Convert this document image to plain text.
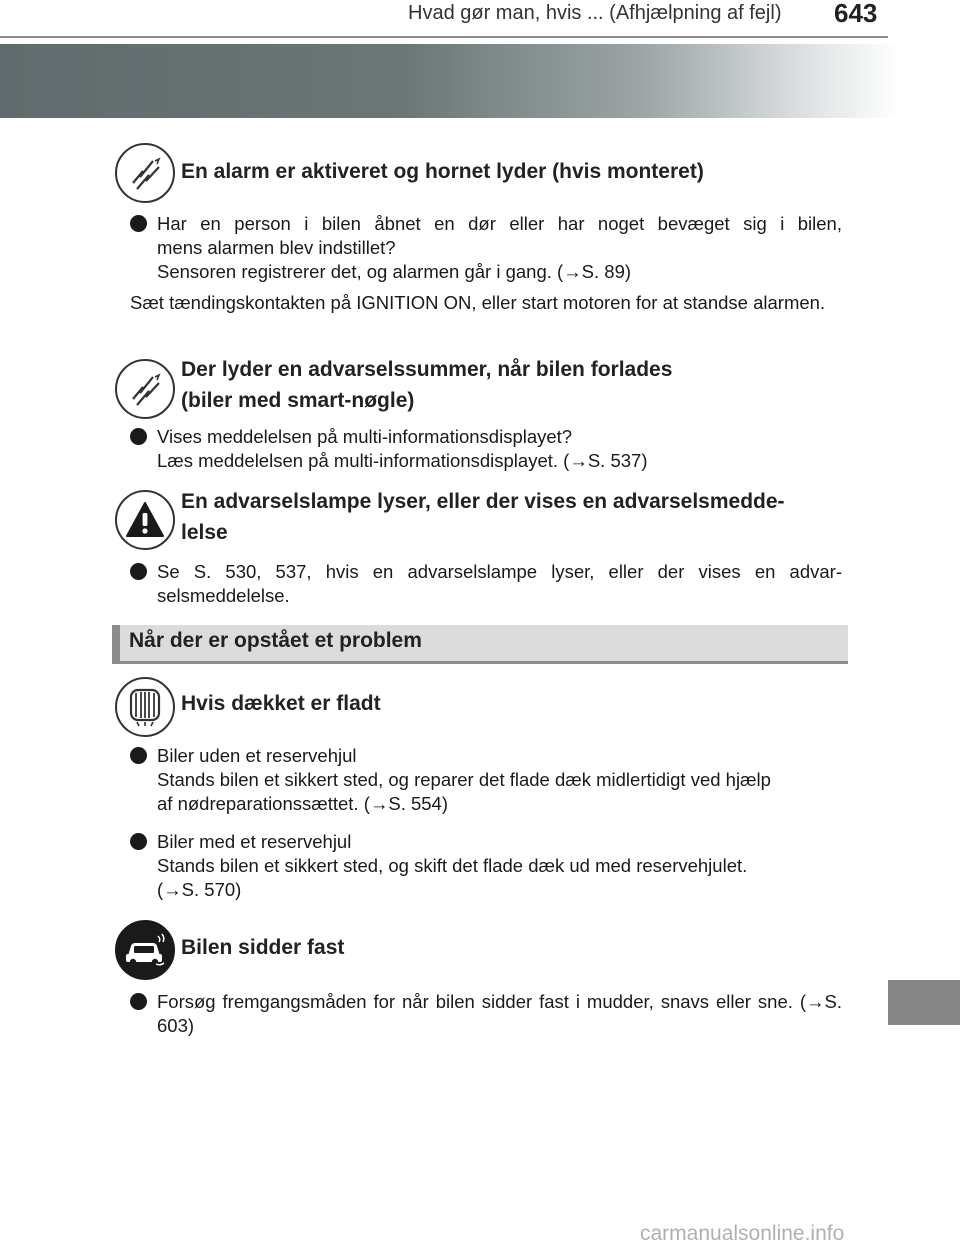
Hvad gør man, hvis ... (Afhjælpning af fejl) 643
En alarm er aktiveret og hornet lyder (hvis monteret)
Har en person i bilen åbnet en dør eller har noget bevæget sig i bilen,
mens alarmen blev indstillet?
Sensoren registrerer det, og alarmen går i gang. (→S. 89)
Sæt tændingskontakten på IGNITION ON, eller start motoren for at standse alarmen.
Der lyder en advarselssummer, når bilen forlades
(biler med smart-nøgle)
Vises meddelelsen på multi-informationsdisplayet?
Læs meddelelsen på multi-informationsdisplayet. (→S. 537)
En advarselslampe lyser, eller der vises en advarselsmedde-
lelse
Se S. 530, 537, hvis en advarselslampe lyser, eller der vises en advar-selsmeddelelse.
Når der er opstået et problem
Hvis dækket er fladt
Biler uden et reservehjul
Stands bilen et sikkert sted, og reparer det flade dæk midlertidigt ved hjælp
af nødreparationssættet. (→S. 554)
Biler med et reservehjul
Stands bilen et sikkert sted, og skift det flade dæk ud med reservehjulet.
(→S. 570)
Bilen sidder fast
Forsøg fremgangsmåden for når bilen sidder fast i mudder, snavs eller sne. (→S. 603)
carmanualsonline.info
